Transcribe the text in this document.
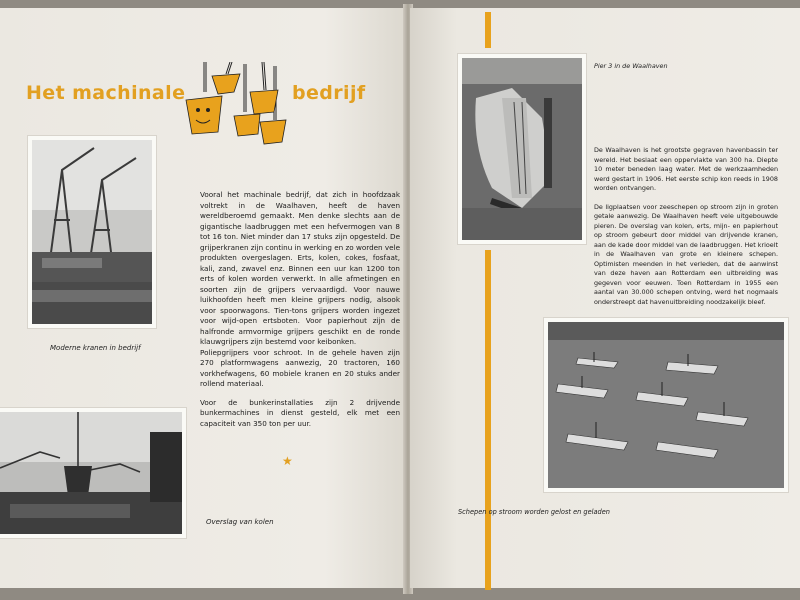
Het machinale	bedrijf
Moderne kranen in bedrijf
Overslag van kolen

Vooral het machinale bedrijf, dat zich in hoofdzaak voltrekt in de Waalhaven, heeft de haven wereldberoemd gemaakt. Men denke slechts aan de gigantische laadbruggen met een hefvermogen van 8 tot 16 ton. Niet minder dan 17 stuks zijn opgesteld. De grijperkranen zijn continu in werking en zo worden vele produkten overgeslagen. Erts, kolen, cokes, fosfaat, kali, zand, zwavel enz. Binnen een uur kan 1200 ton erts of kolen worden verwerkt. In alle afmetingen en soorten zijn de grijpers vervaardigd. Voor nauwe luikhoofden heeft men kleine grijpers nodig, alsook voor spoorwagons. Tien-tons grijpers worden ingezet voor wijd-open ertsboten. Voor papierhout zijn de halfronde armvormige grijpers geschikt en de ronde klauwgrijpers zijn bestemd voor keibonken.

Poliepgrijpers voor schroot. In de gehele haven zijn 270 platformwagens aanwezig, 20 tractoren, 160 vorkhefwagens, 60 mobiele kranen en 20 stuks ander rollend materiaal.

Voor de bunkerinstallaties zijn 2 drijvende bunkermachines in dienst gesteld, elk met een capaciteit van 350 ton per uur.

★
Pier 3 in de Waalhaven

De Waalhaven is het grootste gegraven havenbassin ter wereld. Het beslaat een oppervlakte van 300 ha. Diepte 10 meter beneden laag water. Met de werkzaamheden werd gestart in 1906. Het eerste schip kon reeds in 1908 worden ontvangen.

De ligplaatsen voor zeeschepen op stroom zijn in groten getale aanwezig. De Waalhaven heeft vele uitgebouwde pieren. De overslag van kolen, erts, mijn- en papierhout op stroom gebeurt door middel van drijvende kranen, aan de kade door middel van de laadbruggen. Het krioelt in de Waalhaven van grote en kleinere schepen. Optimisten meenden in het verleden, dat de aanwinst van deze haven aan Rotterdam een uitbreiding was gegeven voor eeuwen. Toen Rotterdam in 1955 een aantal van 30.000 schepen ontving, werd het nogmaals onderstreept dat havenuitbreiding noodzakelijk bleef.

Schepen op stroom worden gelost en geladen
